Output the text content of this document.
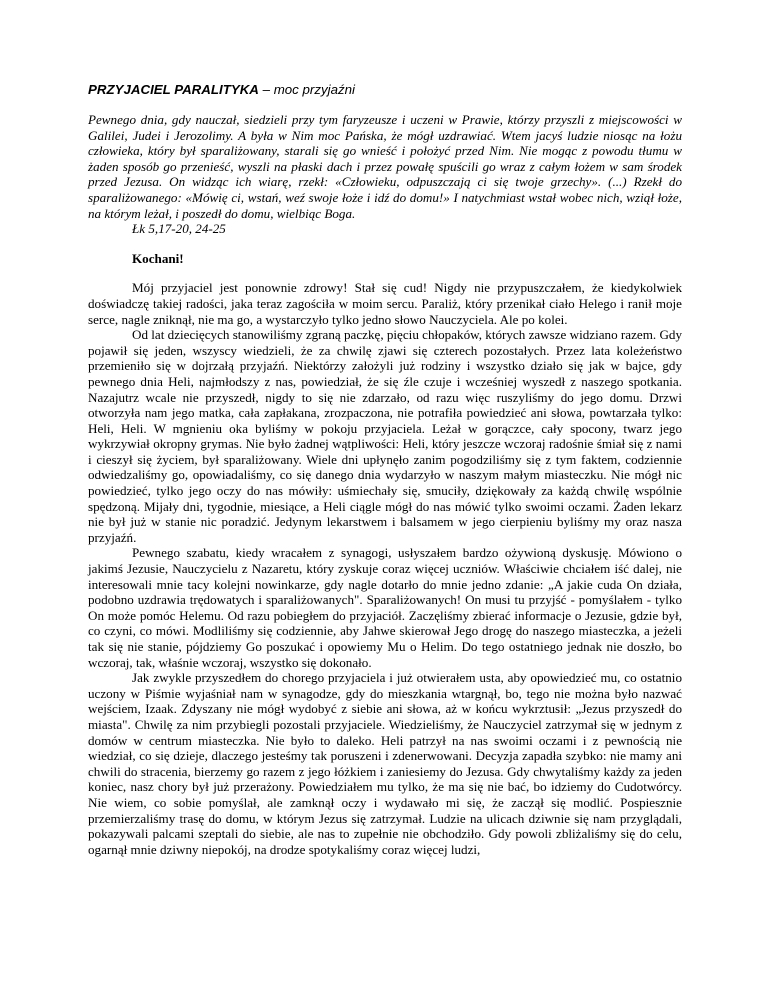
PRZYJACIEL PARALITYKA – moc przyjaźni

Pewnego dnia, gdy nauczał, siedzieli przy tym faryzeusze i uczeni w Prawie, którzy przyszli z miejscowości w Galilei, Judei i Jerozolimy. A była w Nim moc Pańska, że mógł uzdrawiać. Wtem jacyś ludzie niosąc na łożu człowieka, który był sparaliżowany, starali się go wnieść i położyć przed Nim. Nie mogąc z powodu tłumu w żaden sposób go przenieść, wyszli na płaski dach i przez powałę spuścili go wraz z całym łożem w sam środek przed Jezusa. On widząc ich wiarę, rzekł: «Człowieku, odpuszczają ci się twoje grzechy». (...) Rzekł do sparaliżowanego: «Mówię ci, wstań, weź swoje łoże i idź do domu!» I natychmiast wstał wobec nich, wziął łoże, na którym leżał, i poszedł do domu, wielbiąc Boga.

Łk 5,17-20, 24-25

Kochani!

Mój przyjaciel jest ponownie zdrowy! Stał się cud! Nigdy nie przypuszczałem, że kiedykolwiek doświadczę takiej radości, jaka teraz zagościła w moim sercu. Paraliż, który przenikał ciało Helego i ranił moje serce, nagle zniknął, nie ma go, a wystarczyło tylko jedno słowo Nauczyciela. Ale po kolei.

Od lat dziecięcych stanowiliśmy zgraną paczkę, pięciu chłopaków, których zawsze widziano razem. Gdy pojawił się jeden, wszyscy wiedzieli, że za chwilę zjawi się czterech pozostałych. Przez lata koleżeństwo przemieniło się w dojrzałą przyjaźń. Niektórzy założyli już rodziny i wszystko działo się jak w bajce, gdy pewnego dnia Heli, najmłodszy z nas, powiedział, że się źle czuje i wcześniej wyszedł z naszego spotkania. Nazajutrz wcale nie przyszedł, nigdy to się nie zdarzało, od razu więc ruszyliśmy do jego domu. Drzwi otworzyła nam jego matka, cała zapłakana, zrozpaczona, nie potrafiła powiedzieć ani słowa, powtarzała tylko: Heli, Heli. W mgnieniu oka byliśmy w pokoju przyjaciela. Leżał w gorączce, cały spocony, twarz jego wykrzywiał okropny grymas. Nie było żadnej wątpliwości: Heli, który jeszcze wczoraj radośnie śmiał się z nami i cieszył się życiem, był sparaliżowany. Wiele dni upłynęło zanim pogodziliśmy się z tym faktem, codziennie odwiedzaliśmy go, opowiadaliśmy, co się danego dnia wydarzyło w naszym małym miasteczku. Nie mógł nic powiedzieć, tylko jego oczy do nas mówiły: uśmiechały się, smuciły, dziękowały za każdą chwilę wspólnie spędzoną. Mijały dni, tygodnie, miesiące, a Heli ciągle mógł do nas mówić tylko swoimi oczami. Żaden lekarz nie był już w stanie nic poradzić. Jedynym lekarstwem i balsamem w jego cierpieniu byliśmy my oraz nasza przyjaźń.

Pewnego szabatu, kiedy wracałem z synagogi, usłyszałem bardzo ożywioną dyskusję. Mówiono o jakimś Jezusie, Nauczycielu z Nazaretu, który zyskuje coraz więcej uczniów. Właściwie chciałem iść dalej, nie interesowali mnie tacy kolejni nowinkarze, gdy nagle dotarło do mnie jedno zdanie: „A jakie cuda On działa, podobno uzdrawia trędowatych i sparaliżowanych". Sparaliżowanych! On musi tu przyjść - pomyślałem - tylko On może pomóc Helemu. Od razu pobiegłem do przyjaciół. Zaczęliśmy zbierać informacje o Jezusie, gdzie był, co czyni, co mówi. Modliliśmy się codziennie, aby Jahwe skierował Jego drogę do naszego miasteczka, a jeżeli tak się nie stanie, pójdziemy Go poszukać i opowiemy Mu o Helim. Do tego ostatniego jednak nie doszło, bo wczoraj, tak, właśnie wczoraj, wszystko się dokonało.

Jak zwykle przyszedłem do chorego przyjaciela i już otwierałem usta, aby opowiedzieć mu, co ostatnio uczony w Piśmie wyjaśniał nam w synagodze, gdy do mieszkania wtargnął, bo, tego nie można było nazwać wejściem, Izaak. Zdyszany nie mógł wydobyć z siebie ani słowa, aż w końcu wykrztusił: „Jezus przyszedł do miasta". Chwilę za nim przybiegli pozostali przyjaciele. Wiedzieliśmy, że Nauczyciel zatrzymał się w jednym z domów w centrum miasteczka. Nie było to daleko. Heli patrzył na nas swoimi oczami i z pewnością nie wiedział, co się dzieje, dlaczego jesteśmy tak poruszeni i zdenerwowani. Decyzja zapadła szybko: nie mamy ani chwili do stracenia, bierzemy go razem z jego łóżkiem i zaniesiemy do Jezusa. Gdy chwytaliśmy każdy za jeden koniec, nasz chory był już przerażony. Powiedziałem mu tylko, że ma się nie bać, bo idziemy do Cudotwórcy. Nie wiem, co sobie pomyślał, ale zamknął oczy i wydawało mi się, że zaczął się modlić. Pospiesznie przemierzaliśmy trasę do domu, w którym Jezus się zatrzymał. Ludzie na ulicach dziwnie się nam przyglądali, pokazywali palcami szeptali do siebie, ale nas to zupełnie nie obchodziło. Gdy powoli zbliżaliśmy się do celu, ogarnął mnie dziwny niepokój, na drodze spotykaliśmy coraz więcej ludzi,
